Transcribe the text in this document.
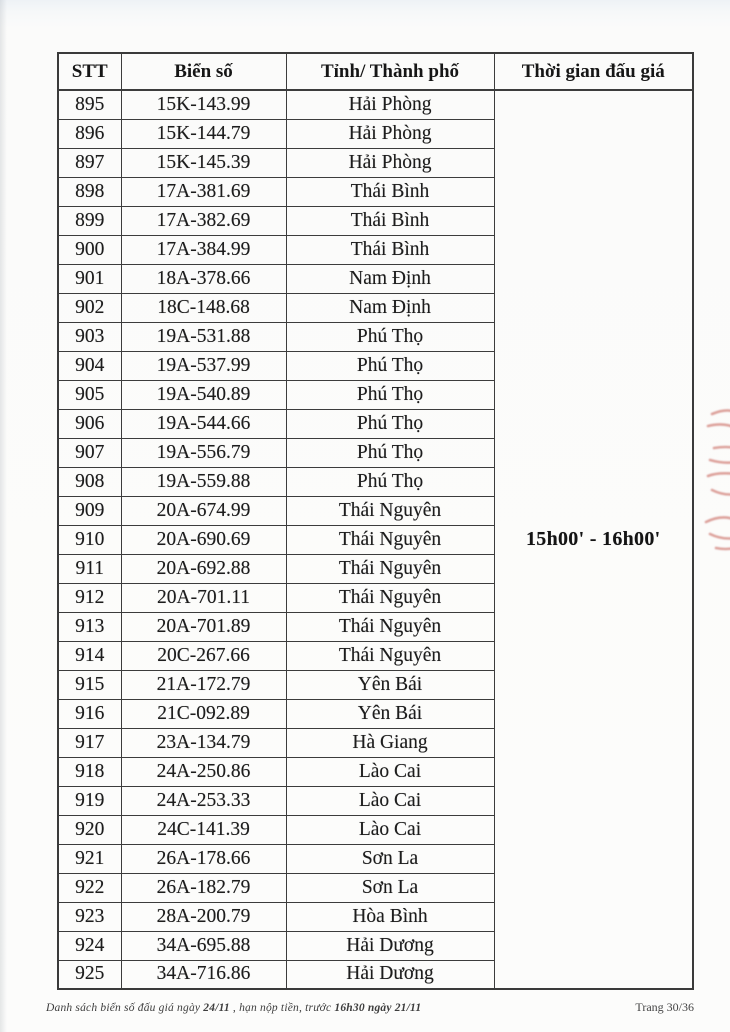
STT	Biển số	Tỉnh/ Thành phố	Thời gian đấu giá
895	15K-143.99	Hải Phòng	15h00' - 16h00'
896	15K-144.79	Hải Phòng	
897	15K-145.39	Hải Phòng	
898	17A-381.69	Thái Bình	
899	17A-382.69	Thái Bình	
900	17A-384.99	Thái Bình	
901	18A-378.66	Nam Định	
902	18C-148.68	Nam Định	
903	19A-531.88	Phú Thọ	
904	19A-537.99	Phú Thọ	
905	19A-540.89	Phú Thọ	
906	19A-544.66	Phú Thọ	
907	19A-556.79	Phú Thọ	
908	19A-559.88	Phú Thọ	
909	20A-674.99	Thái Nguyên	
910	20A-690.69	Thái Nguyên	
911	20A-692.88	Thái Nguyên	
912	20A-701.11	Thái Nguyên	
913	20A-701.89	Thái Nguyên	
914	20C-267.66	Thái Nguyên	
915	21A-172.79	Yên Bái	
916	21C-092.89	Yên Bái	
917	23A-134.79	Hà Giang	
918	24A-250.86	Lào Cai	
919	24A-253.33	Lào Cai	
920	24C-141.39	Lào Cai	
921	26A-178.66	Sơn La	
922	26A-182.79	Sơn La	
923	28A-200.79	Hòa Bình	
924	34A-695.88	Hải Dương	
925	34A-716.86	Hải Dương	
Danh sách biển số đấu giá ngày 24/11 , hạn nộp tiền, trước 16h30 ngày 21/11	Trang 30/36
